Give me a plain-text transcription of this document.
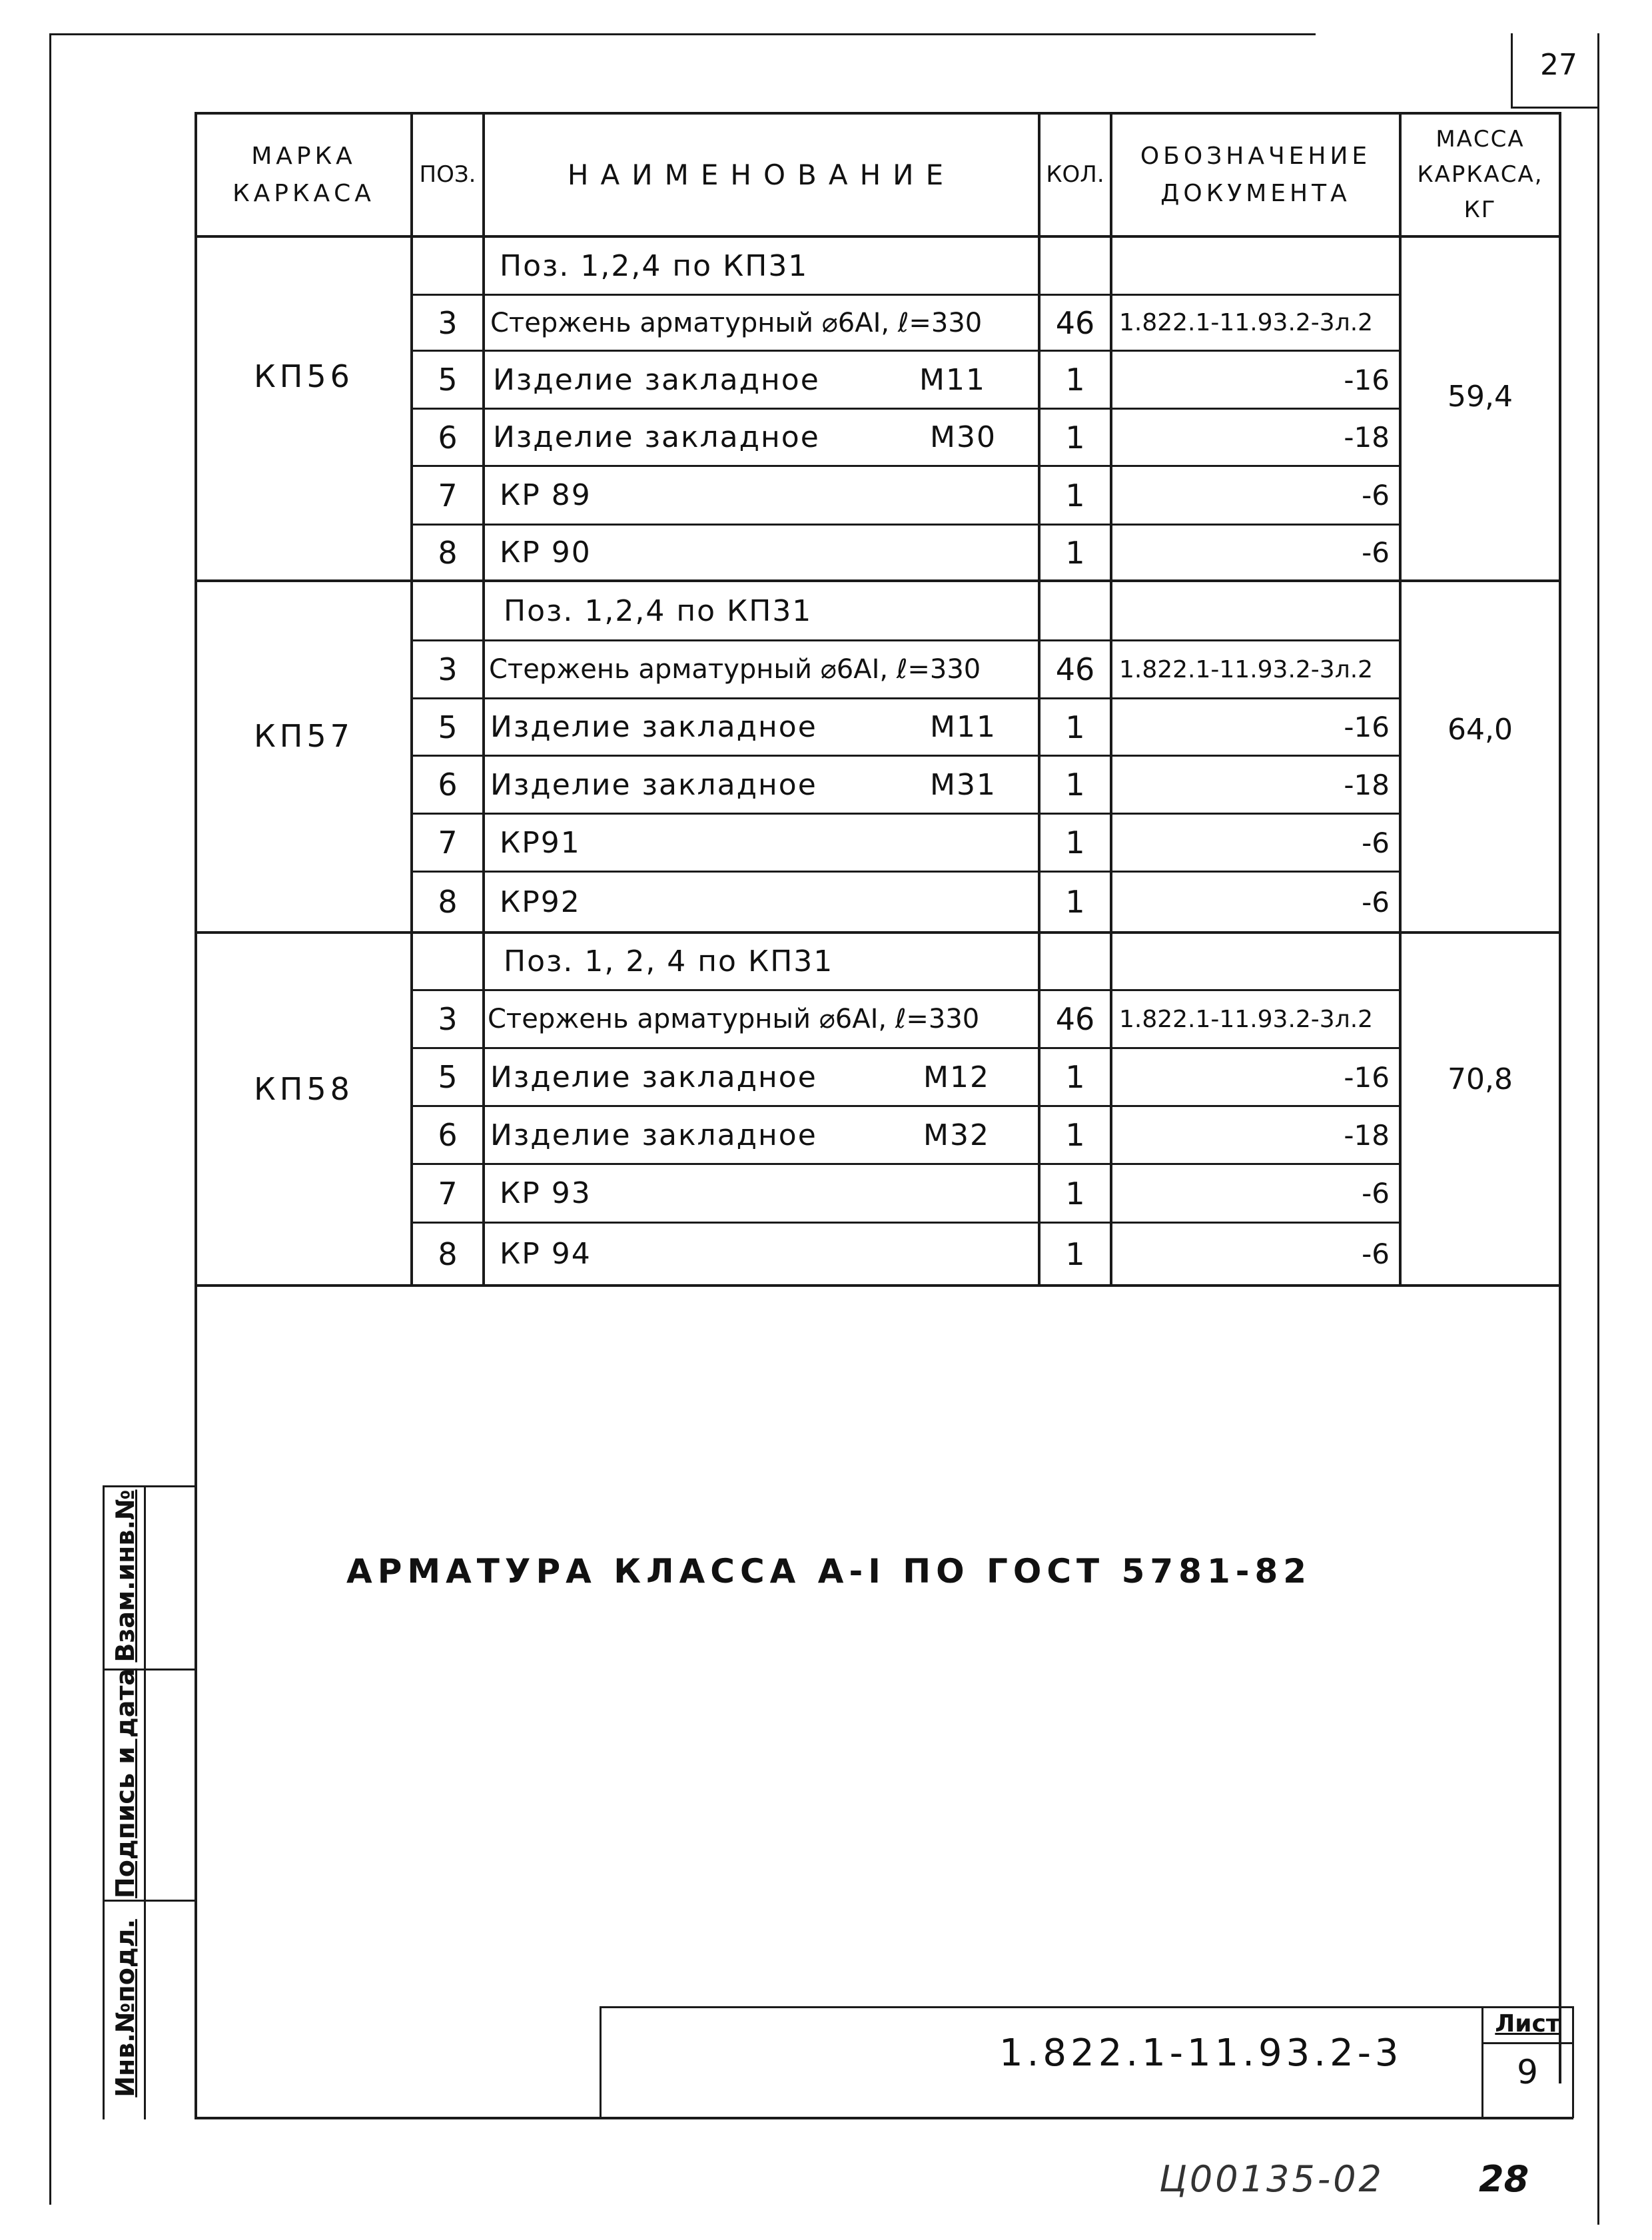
27
МАРКА КАРКАСА
ПОЗ.	НАИМЕНОВАНИЕ	КОЛ.
ОБОЗНАЧЕНИЕ ДОКУМЕНТА
МАССА КАРКАСА, КГ
КП56
59,4
Поз. 1,2,4 по КП31
3	Стержень арматурный ⌀6АI, ℓ=330	46	1.822.1-11.93.2-3л.2
5	Изделие закладное	М11	1	-16
6	Изделие закладное	М30	1	-18
7	КР 89	1	-6
8	КР 90	1	-6
КП57	64,0
Поз. 1,2,4 по КП31
3	Стержень арматурный ⌀6АI, ℓ=330	46	1.822.1-11.93.2-3л.2
5	Изделие закладное	М11	1	-16
6	Изделие закладное	М31	1	-18
7	КР91	1	-6
8	КР92	1	-6
КП58	70,8
Поз. 1, 2, 4 по КП31
3	Стержень арматурный ⌀6АI, ℓ=330	46	1.822.1-11.93.2-3л.2
5	Изделие закладное	М12	1	-16
6	Изделие закладное	М32	1	-18
7	КР 93	1	-6
8	КР 94	1	-6
АРМАТУРА КЛАССА А-I ПО ГОСТ 5781-82
Взам.инв.№
Подпись и дата
Инв.№подл.	1.822.1-11.93.2-3
Лист
9
Ц00135-02	28
